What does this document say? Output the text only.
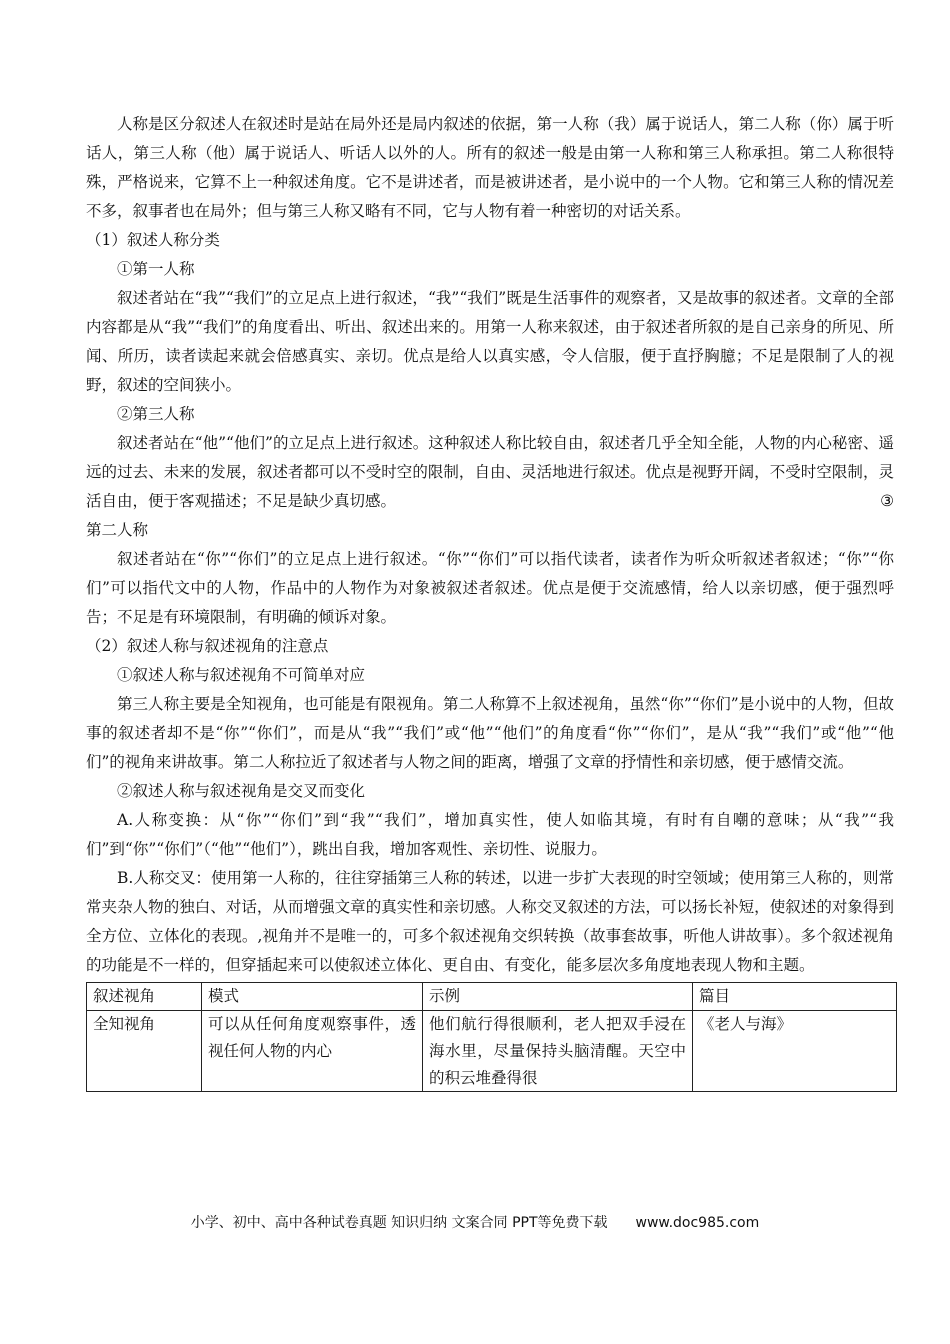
人称是区分叙述人在叙述时是站在局外还是局内叙述的依据，第一人称（我）属于说话人，第二人称（你）属于听话人，第三人称（他）属于说话人、听话人以外的人。所有的叙述一般是由第一人称和第三人称承担。第二人称很特殊，严格说来，它算不上一种叙述角度。它不是讲述者，而是被讲述者，是小说中的一个人物。它和第三人称的情况差不多，叙事者也在局外；但与第三人称又略有不同，它与人物有着一种密切的对话关系。

（1）叙述人称分类

①第一人称

叙述者站在“我”“我们”的立足点上进行叙述，“我”“我们”既是生活事件的观察者，又是故事的叙述者。文章的全部内容都是从“我”“我们”的角度看出、听出、叙述出来的。用第一人称来叙述，由于叙述者所叙的是自己亲身的所见、所闻、所历，读者读起来就会倍感真实、亲切。优点是给人以真实感，令人信服，便于直抒胸臆；不足是限制了人的视野，叙述的空间狭小。

②第三人称

叙述者站在“他”“他们”的立足点上进行叙述。这种叙述人称比较自由，叙述者几乎全知全能，人物的内心秘密、遥远的过去、未来的发展，叙述者都可以不受时空的限制，自由、灵活地进行叙述。优点是视野开阔，不受时空限制，灵活自由，便于客观描述；不足是缺少真切感。	③

第二人称

叙述者站在“你”“你们”的立足点上进行叙述。“你”“你们”可以指代读者，读者作为听众听叙述者叙述；“你”“你们”可以指代文中的人物，作品中的人物作为对象被叙述者叙述。优点是便于交流感情，给人以亲切感，便于强烈呼告；不足是有环境限制，有明确的倾诉对象。

（2）叙述人称与叙述视角的注意点

①叙述人称与叙述视角不可简单对应

第三人称主要是全知视角，也可能是有限视角。第二人称算不上叙述视角，虽然“你”“你们”是小说中的人物，但故事的叙述者却不是“你”“你们”，而是从“我”“我们”或“他”“他们”的角度看“你”“你们”，是从“我”“我们”或“他”“他们”的视角来讲故事。第二人称拉近了叙述者与人物之间的距离，增强了文章的抒情性和亲切感，便于感情交流。

②叙述人称与叙述视角是交叉而变化

A.人称变换：从“你”“你们”到“我”“我们”，增加真实性，使人如临其境，有时有自嘲的意味；从“我”“我们”到“你”“你们”（“他”“他们”），跳出自我，增加客观性、亲切性、说服力。

B.人称交叉：使用第一人称的，往往穿插第三人称的转述，以进一步扩大表现的时空领域；使用第三人称的，则常常夹杂人物的独白、对话，从而增强文章的真实性和亲切感。人称交叉叙述的方法，可以扬长补短，使叙述的对象得到全方位、立体化的表现。,视角并不是唯一的，可多个叙述视角交织转换（故事套故事，听他人讲故事）。多个叙述视角的功能是不一样的，但穿插起来可以使叙述立体化、更自由、有变化，能多层次多角度地表现人物和主题。

叙述视角	模式	示例	篇目

全知视角	可以从任何角度观察事件，透视任何人物的内心	他们航行得很顺利，老人把双手浸在海水里，尽量保持头脑清醒。天空中的积云堆叠得很	《老人与海》
小学、初中、高中各种试卷真题 知识归纳 文案合同 PPT等免费下载 www.doc985.com
